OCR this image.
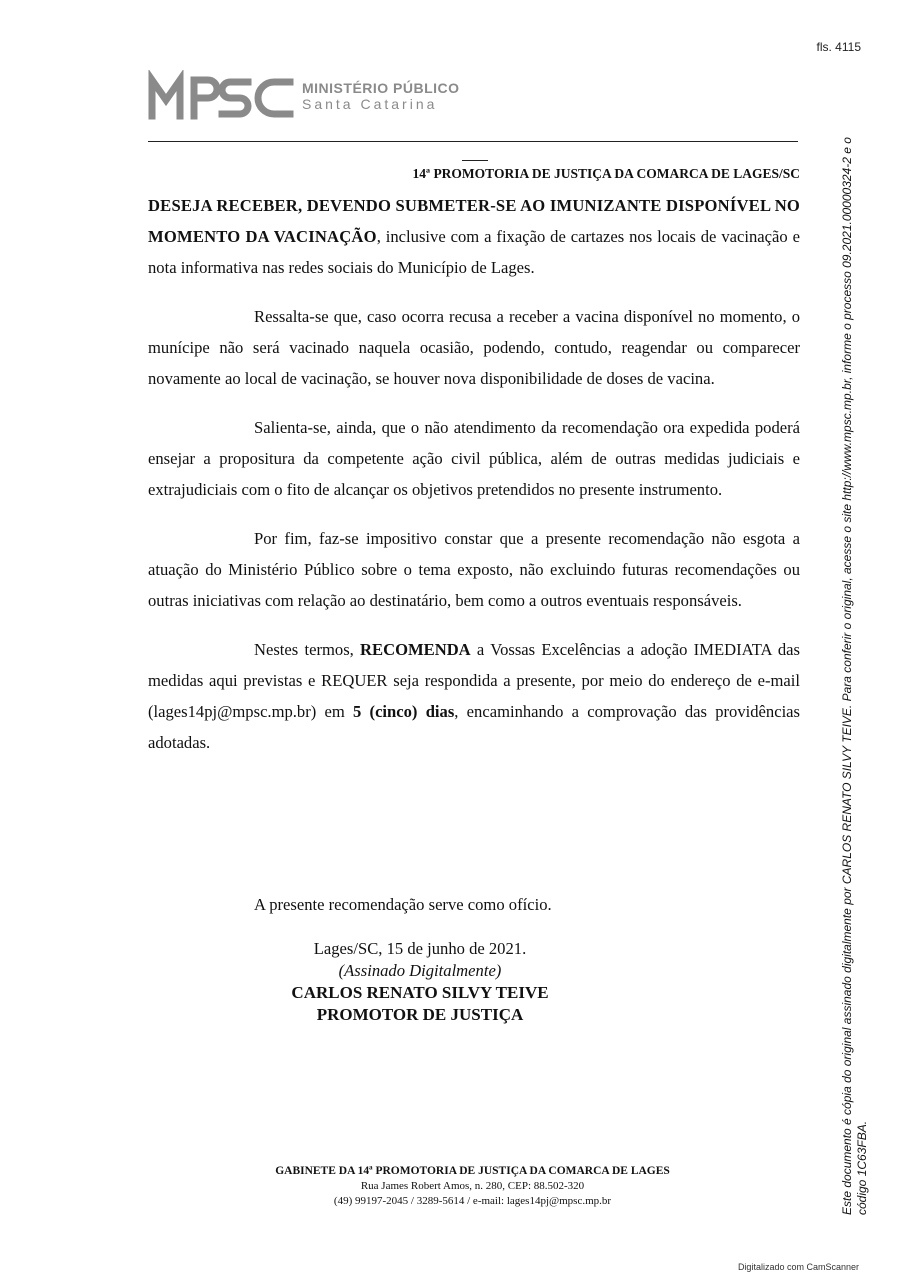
fls. 4115
MINISTÉRIO PÚBLICO
Santa Catarina
14ª PROMOTORIA DE JUSTIÇA DA COMARCA DE LAGES/SC

DESEJA RECEBER, DEVENDO SUBMETER-SE AO IMUNIZANTE DISPONÍVEL NO MOMENTO DA VACINAÇÃO, inclusive com a fixação de cartazes nos locais de vacinação e nota informativa nas redes sociais do Município de Lages.

Ressalta-se que, caso ocorra recusa a receber a vacina disponível no momento, o munícipe não será vacinado naquela ocasião, podendo, contudo, reagendar ou comparecer novamente ao local de vacinação, se houver nova disponibilidade de doses de vacina.

Salienta-se, ainda, que o não atendimento da recomendação ora expedida poderá ensejar a propositura da competente ação civil pública, além de outras medidas judiciais e extrajudiciais com o fito de alcançar os objetivos pretendidos no presente instrumento.

Por fim, faz-se impositivo constar que a presente recomendação não esgota a atuação do Ministério Público sobre o tema exposto, não excluindo futuras recomendações ou outras iniciativas com relação ao destinatário, bem como a outros eventuais responsáveis.

Nestes termos, RECOMENDA a Vossas Excelências a adoção IMEDIATA das medidas aqui previstas e REQUER seja respondida a presente, por meio do endereço de e-mail (lages14pj@mpsc.mp.br) em 5 (cinco) dias, encaminhando a comprovação das providências adotadas.

A presente recomendação serve como ofício.
Lages/SC, 15 de junho de 2021.
(Assinado Digitalmente)
CARLOS RENATO SILVY TEIVE
PROMOTOR DE JUSTIÇA
GABINETE DA 14ª PROMOTORIA DE JUSTIÇA DA COMARCA DE LAGES
Rua James Robert Amos, n. 280, CEP: 88.502-320
(49) 99197-2045 / 3289-5614 / e-mail: lages14pj@mpsc.mp.br	Este documento é cópia do original assinado digitalmente por CARLOS RENATO SILVY TEIVE. Para conferir o original, acesse o site http://www.mpsc.mp.br, informe o processo 09.2021.00000324-2 e o código 1C63FBA.
Digitalizado com CamScanner
